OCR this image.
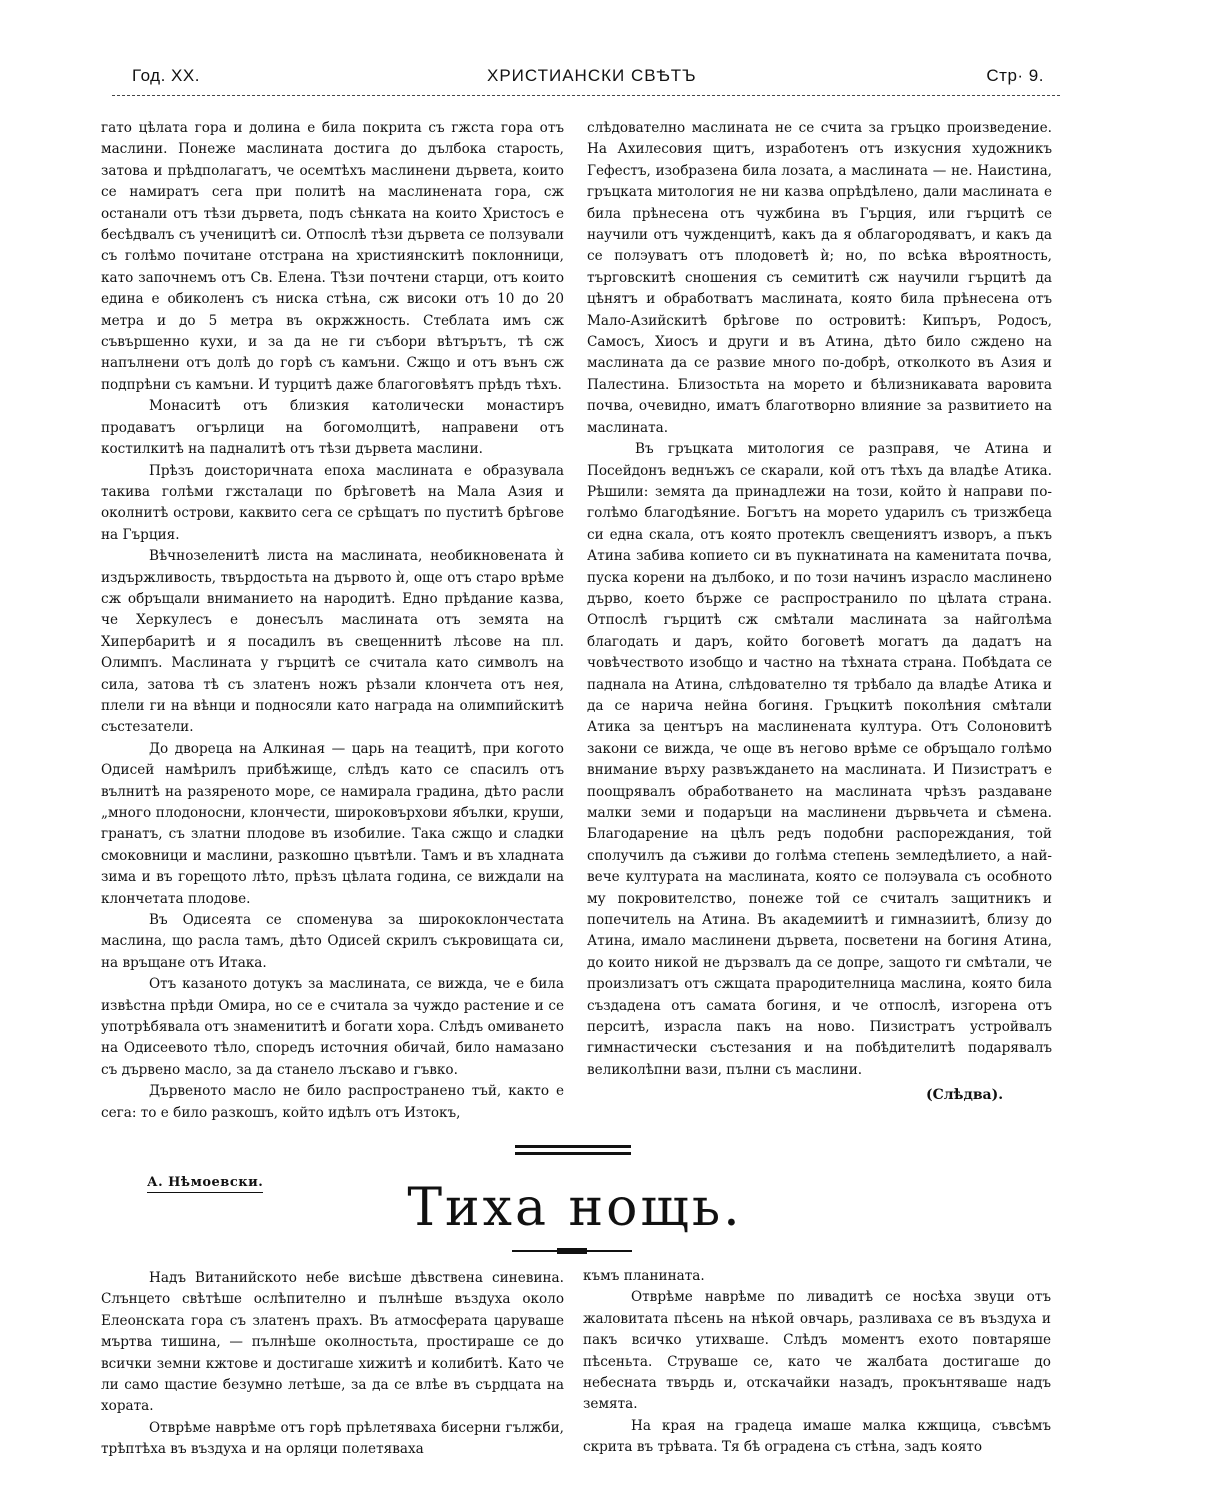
Год. XX.	ХРИСТИАНСКИ СВѢТЪ	Стр· 9.

гато цѣлата гора и долина е била покрита съ гжста гора отъ маслини. Понеже маслината достига до дълбока старость, затова и прѣдполагатъ, че осемтѣхъ маслинени дървета, които се намиратъ сега при политѣ на маслинената гора, сж останали отъ тѣзи дървета, подъ сѣнката на които Христосъ е бесѣдвалъ съ ученицитѣ си. Отпослѣ тѣзи дървета се ползували съ голѣмо почитане отстрана на християнскитѣ поклонници, като започнемъ отъ Св. Елена. Тѣзи почтени старци, отъ които едина е обиколенъ съ ниска стѣна, сж високи отъ 10 до 20 метра и до 5 метра въ окржжность. Стеблата имъ сж съвършенно кухи, и за да не ги събори вѣтърътъ, тѣ сж напълнени отъ долѣ до горѣ съ камъни. Сжщо и отъ вънъ сж подпрѣни съ камъни. И турцитѣ даже благоговѣятъ прѣдъ тѣхъ.

Монаситѣ отъ близкия католически монастиръ продаватъ огърлици на богомолцитѣ, направени отъ костилкитѣ на падналитѣ отъ тѣзи дървета маслини.

Прѣзъ доисторичната епоха маслината е образувала такива голѣми гжсталаци по брѣговетѣ на Мала Азия и околнитѣ острови, каквито сега се срѣщатъ по пуститѣ брѣгове на Гърция.

Вѣчнозеленитѣ листа на маслината, необикновената ѝ издържливость, твърдостьта на дървото ѝ, още отъ старо врѣме сж обръщали вниманието на народитѣ. Едно прѣдание казва, че Херкулесъ е донесълъ маслината отъ земята на Хипербаритѣ и я посадилъ въ свещеннитѣ лѣсове на пл. Олимпъ. Маслината у гърцитѣ се считала като символъ на сила, затова тѣ съ златенъ ножъ рѣзали клончета отъ нея, плели ги на вѣнци и подносяли като награда на олимпийскитѣ състезатели.

До двореца на Алкиная — царь на теацитѣ, при когото Одисей намѣрилъ прибѣжище, слѣдъ като се спасилъ отъ вълнитѣ на разяреното море, се намирала градина, дѣто расли „много плодоносни, клончести, широковърхови ябълки, круши, гранатъ, съ златни плодове въ изобилие. Така сжщо и сладки смоковници и маслини, разкошно цъвтѣли. Тамъ и въ хладната зима и въ горещото лѣто, прѣзъ цѣлата година, се виждали на клончетата плодове.

Въ Одисеята се споменува за ширококлончестата маслина, що расла тамъ, дѣто Одисей скрилъ съкровищата си, на връщане отъ Итака.

Отъ казаното дотукъ за маслината, се вижда, че е била извѣстна прѣди Омира, но се е считала за чуждо растение и се употрѣбявала отъ знаменититѣ и богати хора. Слѣдъ омиването на Одисеевото тѣло, споредъ источния обичай, било намазано съ дървено масло, за да станело лъскаво и гъвко.

Дървеното масло не било распространено тъй, както е сега: то е било разкошъ, който идѣлъ отъ Изтокъ,

слѣдователно маслината не се счита за гръцко произведение. На Ахилесовия щитъ, изработенъ отъ изкусния художникъ Гефестъ, изобразена била лозата, а маслината — не. Наистина, гръцката митология не ни казва опрѣдѣлено, дали маслината е била прѣнесена отъ чужбина въ Гърция, или гърцитѣ се научили отъ чужденцитѣ, какъ да я облагородяватъ, и какъ да се полэуватъ отъ плодоветѣ ѝ; но, по всѣка вѣроятность, търговскитѣ сношения съ семититѣ сж научили гърцитѣ да цѣнятъ и обработватъ маслината, която била прѣнесена отъ Мало-Азийскитѣ брѣгове по островитѣ: Кипъръ, Родосъ, Самосъ, Хиосъ и други и въ Атина, дѣто било сждено на маслината да се развие много по-добрѣ, отколкото въ Азия и Палестина. Близостьта на морето и бѣлизникавата варовита почва, очевидно, иматъ благотворно влияние за развитието на маслината.

Въ гръцката митология се разправя, че Атина и Посейдонъ веднъжъ се скарали, кой отъ тѣхъ да владѣе Атика. Рѣшили: земята да принадлежи на този, който ѝ направи по-голѣмо благодѣяние. Богътъ на морето ударилъ съ тризжбеца си една скала, отъ която протеклъ свещениятъ изворъ, а пъкъ Атина забива копието си въ пукнатината на каменитата почва, пуска корени на дълбоко, и по този начинъ израсло маслинено дърво, което бърже се распространило по цѣлата страна. Отпослѣ гърцитѣ сж смѣтали маслината за найголѣма благодать и даръ, който боговетѣ могатъ да дадатъ на човѣчеството изобщо и частно на тѣхната страна. Побѣдата се паднала на Атина, слѣдователно тя трѣбало да владѣе Атика и да се нарича нейна богиня. Гръцкитѣ поколѣния смѣтали Атика за центъръ на маслинената култура. Отъ Солоновитѣ закони се вижда, че още въ негово врѣме се обръщало голѣмо внимание върху развъждането на маслината. И Пизиcтратъ е поощрявалъ обработването на маслината чрѣзъ раздаване малки земи и подаръци на маслинени дървьчета и сѣмена. Благодарение на цѣлъ редъ подобни распореждания, той сполучилъ да съживи до голѣма степень земледѣлието, а най-вече културата на маслината, която се полэувала съ особното му покровителство, понеже той се считалъ защитникъ и попечитель на Атина. Въ академиитѣ и гимназиитѣ, близу до Атина, имало маслинени дървета, посветени на богиня Атина, до които никой не дързвалъ да се допре, защото ги смѣтали, че произлизатъ отъ сжщата прародителница маслина, която била създадена отъ самата богиня, и че отпослѣ, изгорена отъ перситѣ, израсла пакъ на ново. Пизистратъ устройвалъ гимнастически състезания и на побѣдителитѣ подарявалъ великолѣпни вази, пълни съ маслини.

(Слѣдва).
А. Нѣмоевски.	Тиха нощь.

Надъ Витанийското небе висѣше дѣвствена синевина. Слънцето свѣтѣше ослѣпително и пълнѣше въздуха около Елеонската гора съ златенъ прахъ. Въ атмосферата цаpуваше мъртва тишина, — пълнѣше околностьта, простираше се до всички земни кжтове и достигаше хижитѣ и колибитѣ. Като че ли само щастие безумно летѣше, за да се влѣе въ сърдцата на хората.

Отврѣме наврѣме отъ горѣ прѣлетяваха бисерни гължби, трѣптѣха въ въздуха и на орляци полетяваха

къмъ планината.

Отврѣме наврѣме по ливадитѣ се носѣха звуци отъ жаловитата пѣсень на нѣкой овчарь, разливаха се въ въздуха и пакъ всичко утихваше. Слѣдъ моментъ ехото повтаряше пѣсеньта. Струваше се, като че жалбата достигаше до небесната твърдь и, отскачайки назадъ, прокънтяваше надъ земята.

На края на градеца имаше малка кжщица, съвсѣмъ скрита въ трѣвата. Тя бѣ оградена съ стѣна, задъ която
